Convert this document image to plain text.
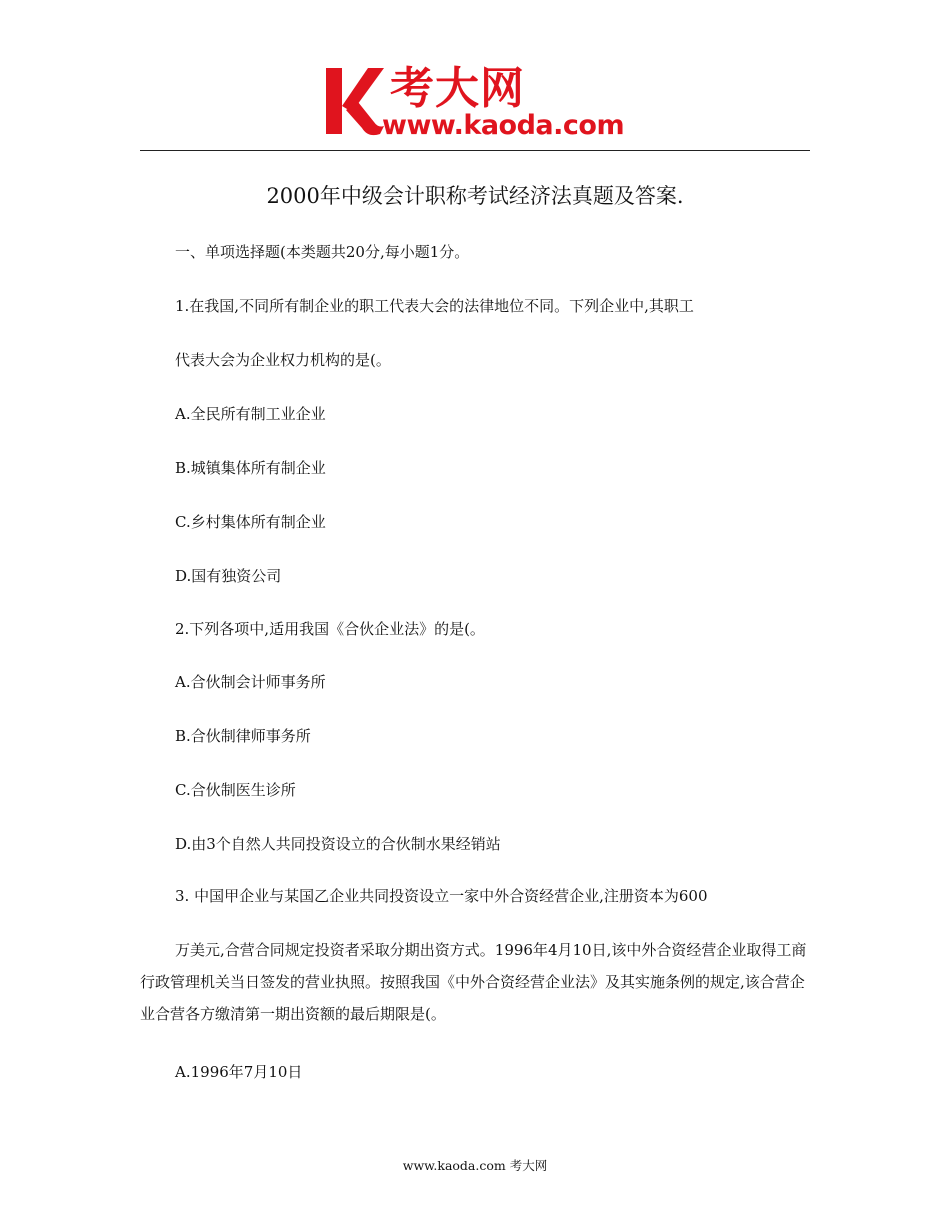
考大网
www.kaoda.com
2000年中级会计职称考试经济法真题及答案.
一、单项选择题(本类题共20分,每小题1分。
1.在我国,不同所有制企业的职工代表大会的法律地位不同。下列企业中,其职工
代表大会为企业权力机构的是(。
A.全民所有制工业企业
B.城镇集体所有制企业
C.乡村集体所有制企业
D.国有独资公司
2.下列各项中,适用我国《合伙企业法》的是(。
A.合伙制会计师事务所
B.合伙制律师事务所
C.合伙制医生诊所
D.由3个自然人共同投资设立的合伙制水果经销站
3. 中国甲企业与某国乙企业共同投资设立一家中外合资经营企业,注册资本为600
万美元,合营合同规定投资者采取分期出资方式。1996年4月10日,该中外合资经营企业取得工商行政管理机关当日签发的营业执照。按照我国《中外合资经营企业法》及其实施条例的规定,该合营企业合营各方缴清第一期出资额的最后期限是(。
A.1996年7月10日
www.kaoda.com 考大网
